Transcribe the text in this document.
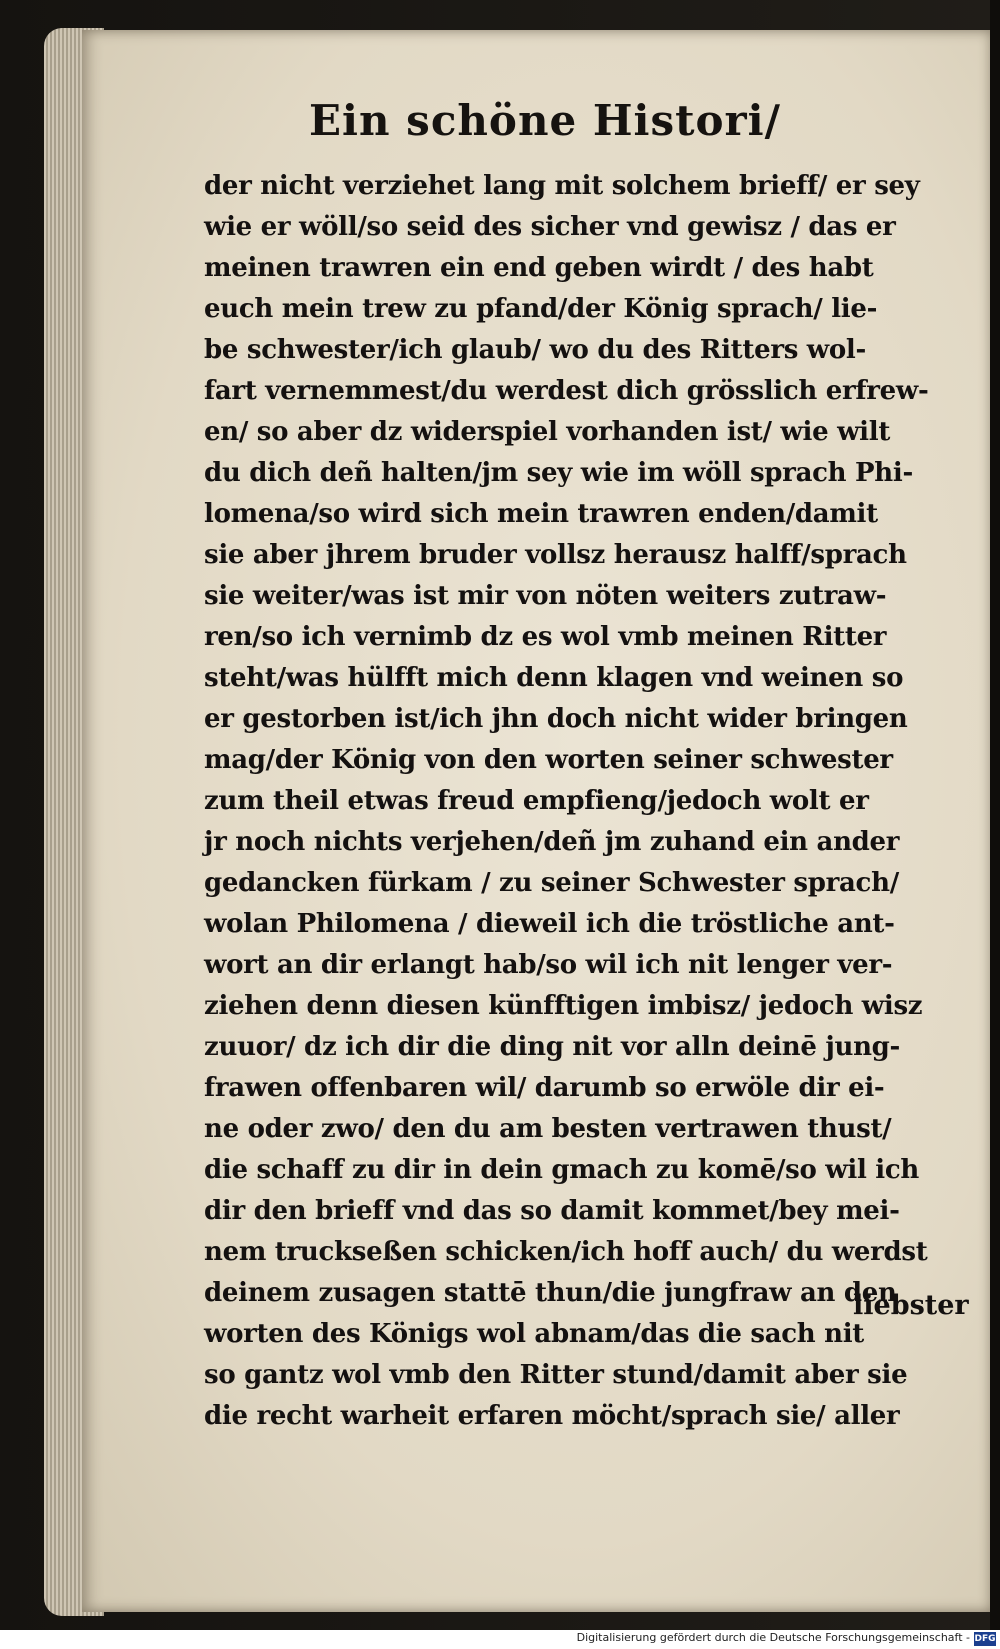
Ein schöne Histori/
der nicht verziehet lang mit solchem brieff/ er sey
wie er wöll/so seid des sicher vnd gewisz / das er
meinen trawren ein end geben wirdt / des habt
euch mein trew zu pfand/der König sprach/ lie-
be schwester/ich glaub/ wo du des Ritters wol-
fart vernemmest/du werdest dich grösslich erfrew-
en/ so aber dz widerspiel vorhanden ist/ wie wilt
du dich deñ halten/jm sey wie im wöll sprach Phi-
lomena/so wird sich mein trawren enden/damit
sie aber jhrem bruder vollsz herausz halff/sprach
sie weiter/was ist mir von nöten weiters zutraw-
ren/so ich vernimb dz es wol vmb meinen Ritter
steht/was hülfft mich denn klagen vnd weinen so
er gestorben ist/ich jhn doch nicht wider bringen
mag/der König von den worten seiner schwester
zum theil etwas freud empfieng/jedoch wolt er
jr noch nichts verjehen/deñ jm zuhand ein ander
gedancken fürkam / zu seiner Schwester sprach/
wolan Philomena / dieweil ich die tröstliche ant-
wort an dir erlangt hab/so wil ich nit lenger ver-
ziehen denn diesen künfftigen imbisz/ jedoch wisz
zuuor/ dz ich dir die ding nit vor alln deinē jung-
frawen offenbaren wil/ darumb so erwöle dir ei-
ne oder zwo/ den du am besten vertrawen thust/
die schaff zu dir in dein gmach zu komē/so wil ich
dir den brieff vnd das so damit kommet/bey mei-
nem truckseßen schicken/ich hoff auch/ du werdst
deinem zusagen stattē thun/die jungfraw an den
worten des Königs wol abnam/das die sach nit
so gantz wol vmb den Ritter stund/damit aber sie
die recht warheit erfaren möcht/sprach sie/ aller
liebster
Digitalisierung gefördert durch die Deutsche Forschungsgemeinschaft - DFG
